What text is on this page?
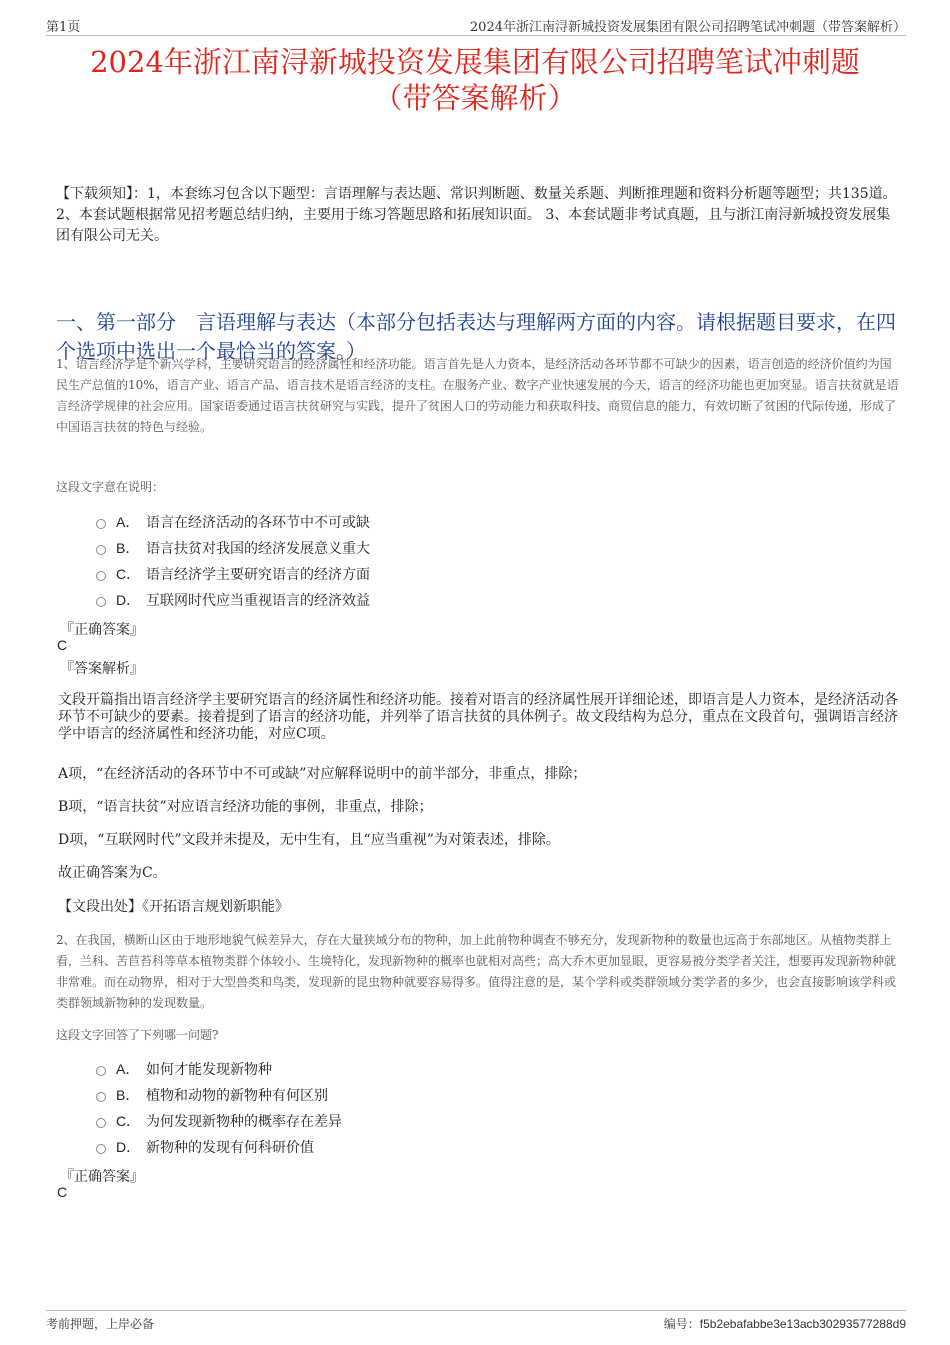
第1页	2024年浙江南浔新城投资发展集团有限公司招聘笔试冲刺题（带答案解析）
2024年浙江南浔新城投资发展集团有限公司招聘笔试冲刺题
（带答案解析）
【下载须知】：1，本套练习包含以下题型：言语理解与表达题、常识判断题、数量关系题、判断推理题和资料分析题等题型；共135道。 2、本套试题根据常见招考题总结归纳，主要用于练习答题思路和拓展知识面。 3、本套试题非考试真题，且与浙江南浔新城投资发展集团有限公司无关。
一、第一部分　言语理解与表达（本部分包括表达与理解两方面的内容。请根据题目要求，在四个选项中选出一个最恰当的答案。）
1、语言经济学是个新兴学科，主要研究语言的经济属性和经济功能。语言首先是人力资本，是经济活动各环节都不可缺少的因素，语言创造的经济价值约为国民生产总值的10%，语言产业、语言产品、语言技术是语言经济的支柱。在服务产业、数字产业快速发展的今天，语言的经济功能也更加突显。语言扶贫就是语言经济学规律的社会应用。国家语委通过语言扶贫研究与实践，提升了贫困人口的劳动能力和获取科技、商贸信息的能力，有效切断了贫困的代际传递，形成了中国语言扶贫的特色与经验。
这段文字意在说明：
A． 语言在经济活动的各环节中不可或缺
B． 语言扶贫对我国的经济发展意义重大
C． 语言经济学主要研究语言的经济方面
D． 互联网时代应当重视语言的经济效益
『正确答案』
C
『答案解析』
文段开篇指出语言经济学主要研究语言的经济属性和经济功能。接着对语言的经济属性展开详细论述，即语言是人力资本，是经济活动各环节不可缺少的要素。接着提到了语言的经济功能，并列举了语言扶贫的具体例子。故文段结构为总分，重点在文段首句，强调语言经济学中语言的经济属性和经济功能，对应C项。
A项，“在经济活动的各环节中不可或缺”对应解释说明中的前半部分，非重点，排除；
B项，“语言扶贫”对应语言经济功能的事例，非重点，排除；
D项，“互联网时代”文段并未提及，无中生有，且“应当重视”为对策表述，排除。
故正确答案为C。
【文段出处】《开拓语言规划新职能》
2、在我国，横断山区由于地形地貌气候差异大，存在大量狭域分布的物种，加上此前物种调查不够充分，发现新物种的数量也远高于东部地区。从植物类群上看，兰科、苦苣苔科等草本植物类群个体较小、生境特化，发现新物种的概率也就相对高些；高大乔木更加显眼，更容易被分类学者关注，想要再发现新物种就非常难。而在动物界，相对于大型兽类和鸟类，发现新的昆虫物种就要容易得多。值得注意的是，某个学科或类群领域分类学者的多少，也会直接影响该学科或类群领域新物种的发现数量。
这段文字回答了下列哪一问题?
A． 如何才能发现新物种
B． 植物和动物的新物种有何区别
C． 为何发现新物种的概率存在差异
D． 新物种的发现有何科研价值
『正确答案』
C
考前押题，上岸必备	编号：f5b2ebafabbe3e13acb30293577288d9
